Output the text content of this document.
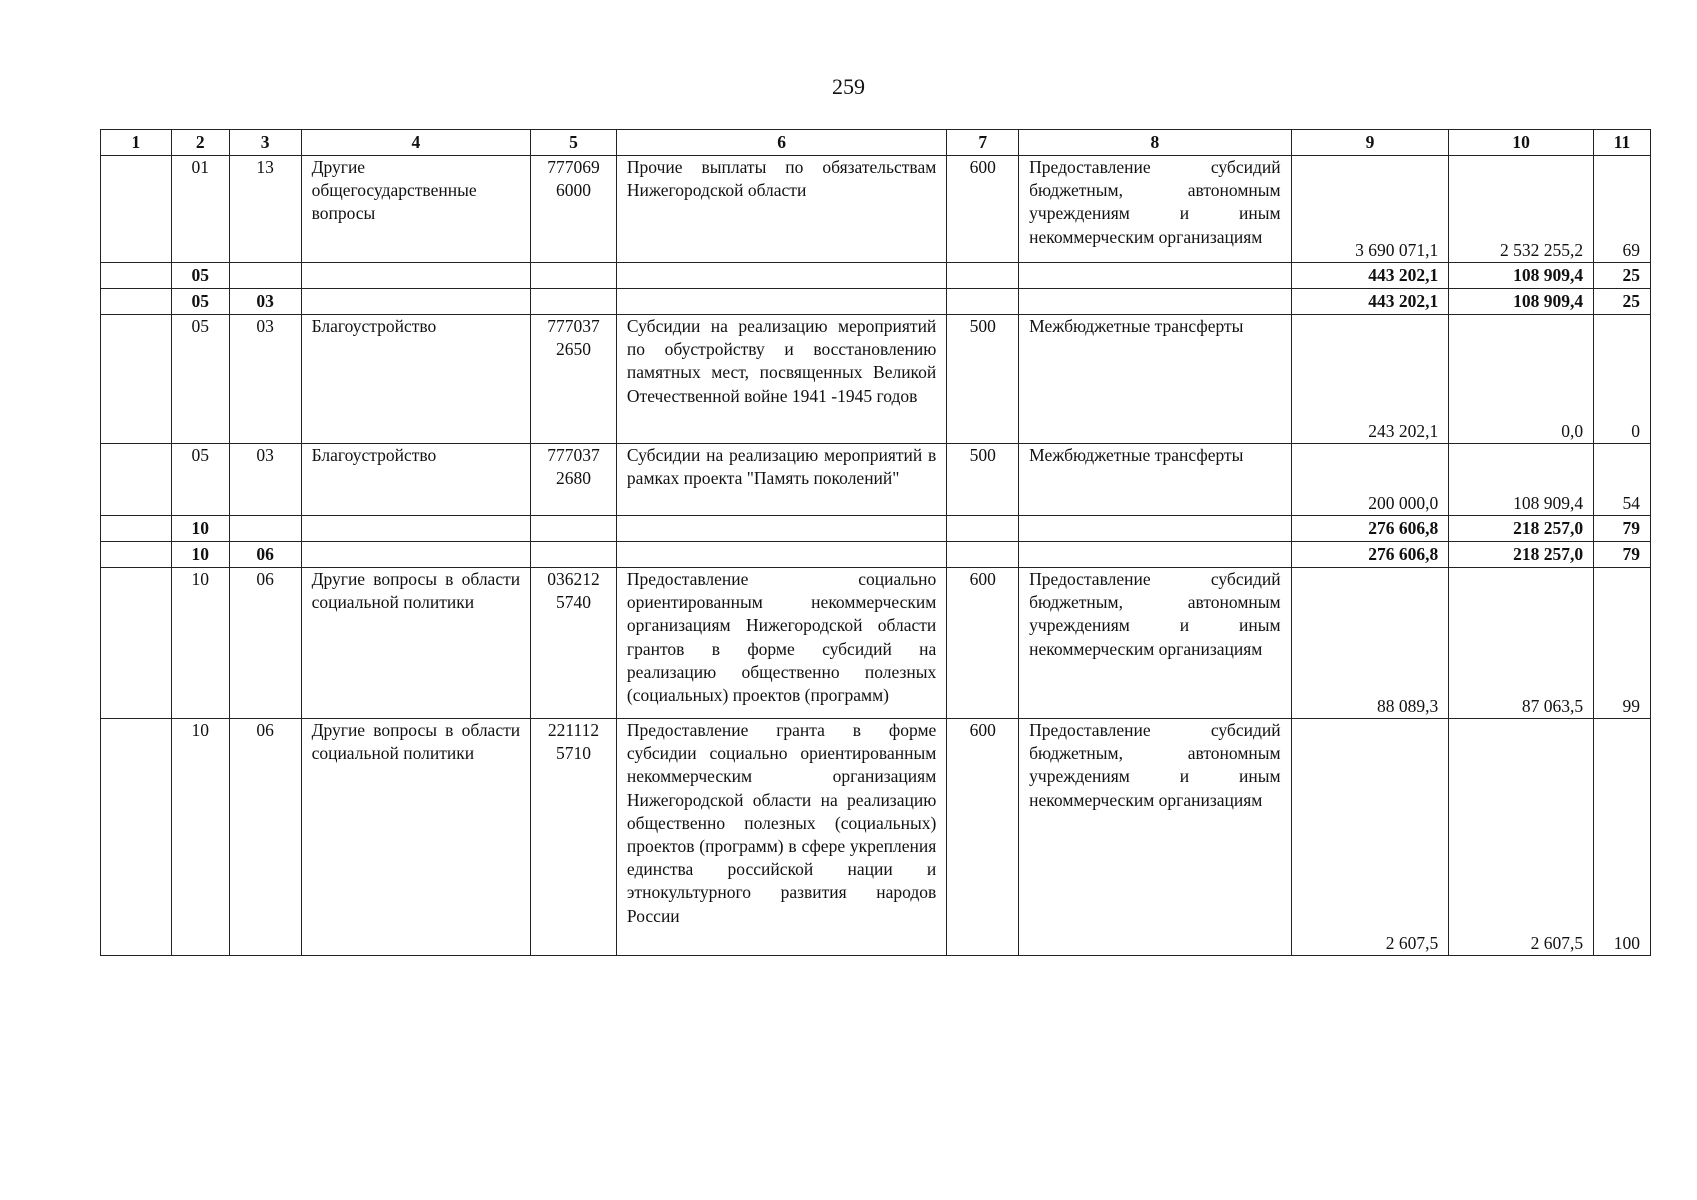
259
1	2	3	4	5	6	7	8	9	10	11
	01	13	Другие общегосударственные вопросы	777069 6000	Прочие выплаты по обязательствам Нижегородской области	600	Предоставление субсидий бюджетным, автономным учреждениям и иным некоммерческим организациям	3 690 071,1	2 532 255,2	69
	05							443 202,1	108 909,4	25
	05	03						443 202,1	108 909,4	25
	05	03	Благоустройство	777037 2650	Субсидии на реализацию мероприятий по обустройству и восстановлению памятных мест, посвященных Великой Отечественной войне 1941 -1945 годов	500	Межбюджетные трансферты	243 202,1	0,0	0
	05	03	Благоустройство	777037 2680	Субсидии на реализацию мероприятий в рамках проекта "Память поколений"	500	Межбюджетные трансферты	200 000,0	108 909,4	54
	10							276 606,8	218 257,0	79
	10	06						276 606,8	218 257,0	79
	10	06	Другие вопросы в области социальной политики	036212 5740	Предоставление социально ориентированным некоммерческим организациям Нижегородской области грантов в форме субсидий на реализацию общественно полезных (социальных) проектов (программ)	600	Предоставление субсидий бюджетным, автономным учреждениям и иным некоммерческим организациям	88 089,3	87 063,5	99
	10	06	Другие вопросы в области социальной политики	221112 5710	Предоставление гранта в форме субсидии социально ориентированным некоммерческим организациям Нижегородской области на реализацию общественно полезных (социальных) проектов (программ) в сфере укрепления единства российской нации и этнокультурного развития народов России	600	Предоставление субсидий бюджетным, автономным учреждениям и иным некоммерческим организациям	2 607,5	2 607,5	100
